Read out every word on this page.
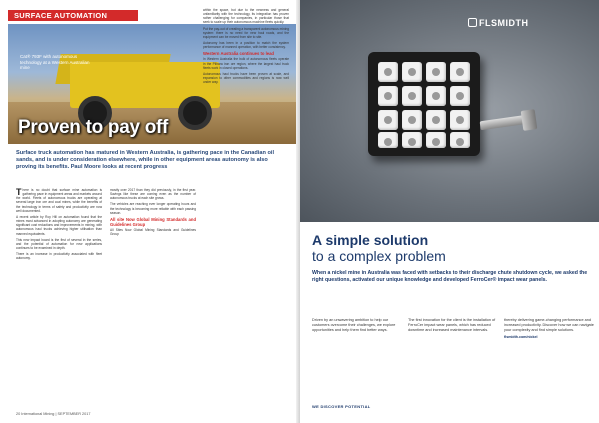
SURFACE AUTOMATION
Cat® 793F with autonomous technology at a Western Australian mine
Proven to pay off
Surface truck automation has matured in Western Australia, is gathering pace in the Canadian oil sands, and is under consideration elsewhere, while in other equipment areas autonomy is also proving its benefits. Paul Moore looks at recent progress

There is no doubt that surface mine automation is gathering pace in equipment areas and markets around the world. Fleets of autonomous trucks are operating at several large iron ore and coal mines, while the benefits of the technology in terms of safety and productivity are now well documented.

A recent article by Roy Hill on automation found that the mines most advanced in adopting autonomy are generating significant cost reductions and improvements in mining, with autonomous haul trucks achieving higher utilisation than manned equivalents.

This new impact board is the first of several in the series, and the potential of automation for new applications continues to be examined in depth.

There is an increase in productivity associated with fleet autonomy.

mostly over 2017 than they did previously, in the first year. Savings like these are coming even as the number of autonomous trucks at each site grows.

The vehicles are reaching ever longer operating hours and the technology is becoming more reliable with each passing season.

All site Now Global Mining Standards and Guidelines Group

All Sites Now Global Mining Standards and Guidelines Group

within the space, but due to the newness and general unfamiliarity with the technology, its integration has proven rather challenging for companies, in particular those that seek to scale up their autonomous machine fleets quickly.

Put the pay-out of creating a transparent autonomous mining system: there is no need for new haul roads, and the equipment can be moved from site to site.

Autonomy has been in a position to match the system performance of manned operation, with better consistency.

Western Australia continues to lead

In Western Australia the bulk of autonomous fleets operate in the Pilbara iron ore region, where the largest haul truck fleets work in closed operations.

Autonomous haul trucks have been proven at scale, and expansion to other commodities and regions is now well under way.

20 International Mining | SEPTEMBER 2017
FLSMIDTH
A simple solution
to a complex problem
When a nickel mine in Australia was faced with setbacks to their discharge chute shutdown cycle, we asked the right questions, activated our unique knowledge and developed FerroCer® impact wear panels.
Driven by an unwavering ambition to help our customers overcome their challenges, we explore opportunities and help them find better ways.
The first innovation for the client is the installation of FerroCer impact wear panels, which has reduced downtime and increased maintenance intervals.
thereby delivering game-changing performance and increased productivity. Discover how we can navigate your complexity and find simple solutions.
flsmidth.com/nickel
WE DISCOVER POTENTIAL
